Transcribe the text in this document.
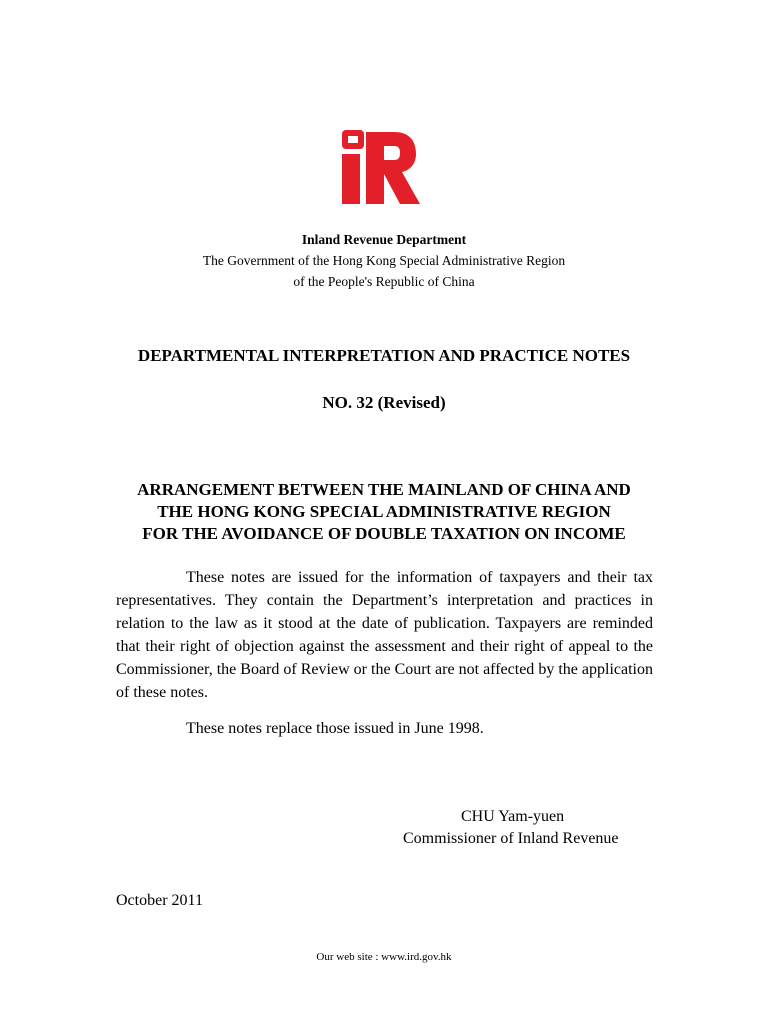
Inland Revenue Department
The Government of the Hong Kong Special Administrative Region
of the People's Republic of China
DEPARTMENTAL INTERPRETATION AND PRACTICE NOTES
NO. 32 (Revised)
ARRANGEMENT BETWEEN THE MAINLAND OF CHINA AND
THE HONG KONG SPECIAL ADMINISTRATIVE REGION
FOR THE AVOIDANCE OF DOUBLE TAXATION ON INCOME
These notes are issued for the information of taxpayers and their tax representatives. They contain the Department’s interpretation and practices in relation to the law as it stood at the date of publication. Taxpayers are reminded that their right of objection against the assessment and their right of appeal to the Commissioner, the Board of Review or the Court are not affected by the application of these notes.
These notes replace those issued in June 1998.
CHU Yam-yuen
Commissioner of Inland Revenue
October 2011
Our web site : www.ird.gov.hk
